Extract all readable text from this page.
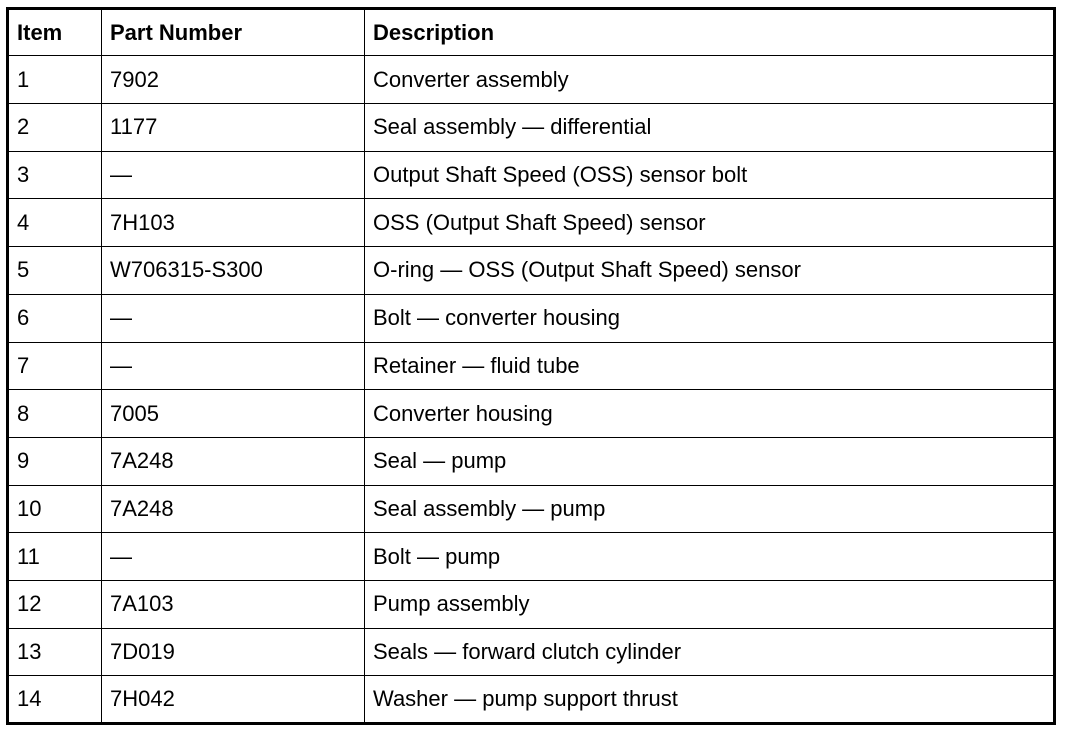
Item	Part Number	Description
1	7902	Converter assembly
2	1177	Seal assembly — differential
3	—	Output Shaft Speed (OSS) sensor bolt
4	7H103	OSS (Output Shaft Speed) sensor
5	W706315-S300	O-ring — OSS (Output Shaft Speed) sensor
6	—	Bolt — converter housing
7	—	Retainer — fluid tube
8	7005	Converter housing
9	7A248	Seal — pump
10	7A248	Seal assembly — pump
11	—	Bolt — pump
12	7A103	Pump assembly
13	7D019	Seals — forward clutch cylinder
14	7H042	Washer — pump support thrust
